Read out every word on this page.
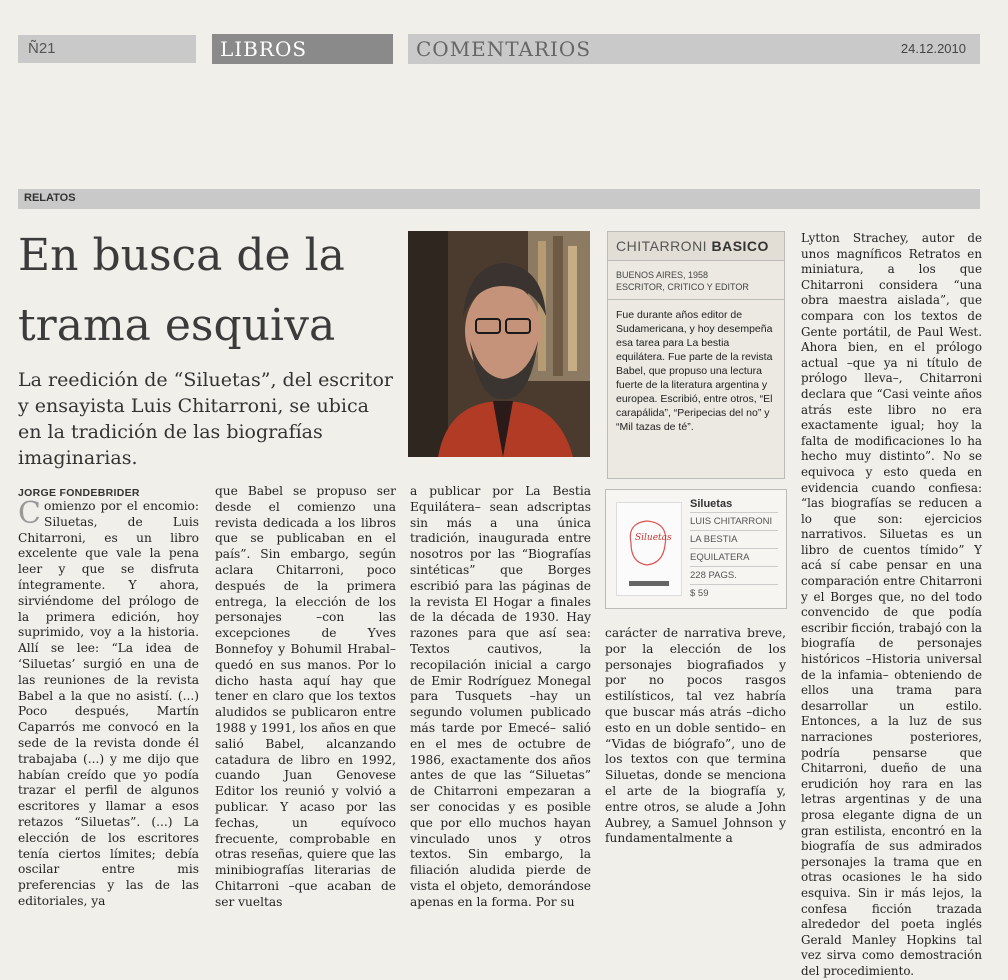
Ñ21	LIBROS	COMENTARIOS	24.12.2010
RELATOS
En busca de la
trama esquiva
La reedición de “Siluetas”, del escritor y ensayista Luis Chitarroni, se ubica en la tradición de las biografías imaginarias.
CHITARRONI BASICO
BUENOS AIRES, 1958
ESCRITOR, CRITICO Y EDITOR
Fue durante años editor de Sudamericana, y hoy desempeña esa tarea para La bestia equilátera. Fue parte de la revista Babel, que propuso una lectura fuerte de la literatura argentina y europea. Escribió, entre otros, “El carapálida”, “Peripecias del no” y “Mil tazas de té”.
JORGE FONDEBRIDER
Comienzo por el encomio: Siluetas, de Luis Chitarroni, es un libro excelente que vale la pena leer y que se disfruta íntegramente. Y ahora, sirviéndome del prólogo de la primera edición, hoy suprimido, voy a la historia. Allí se lee: “La idea de ‘Siluetas’ surgió en una de las reuniones de la revista Babel a la que no asistí. (...) Poco después, Martín Caparrós me convocó en la sede de la revista donde él trabajaba (...) y me dijo que habían creído que yo podía trazar el perfil de algunos escritores y llamar a esos retazos “Siluetas”. (...) La elección de los escritores tenía ciertos límites; debía oscilar entre mis preferencias y las de las editoriales, ya
que Babel se propuso ser desde el comienzo una revista dedicada a los libros que se publicaban en el país”. Sin embargo, según aclara Chitarroni, poco después de la primera entrega, la elección de los personajes –con las excepciones de Yves Bonnefoy y Bohumil Hrabal– quedó en sus manos. Por lo dicho hasta aquí hay que tener en claro que los textos aludidos se publicaron entre 1988 y 1991, los años en que salió Babel, alcanzando catadura de libro en 1992, cuando Juan Genovese Editor los reunió y volvió a publicar. Y acaso por las fechas, un equívoco frecuente, comprobable en otras reseñas, quiere que las minibiografías literarias de Chitarroni –que acaban de ser vueltas
a publicar por La Bestia Equilátera– sean adscriptas sin más a una única tradición, inaugurada entre nosotros por las “Biografías sintéticas” que Borges escribió para las páginas de la revista El Hogar a finales de la década de 1930. Hay razones para que así sea: Textos cautivos, la recopilación inicial a cargo de Emir Rodríguez Monegal para Tusquets –hay un segundo volumen publicado más tarde por Emecé– salió en el mes de octubre de 1986, exactamente dos años antes de que las “Siluetas” de Chitarroni empezaran a ser conocidas y es posible que por ello muchos hayan vinculado unos y otros textos. Sin embargo, la filiación aludida pierde de vista el objeto, demorándose apenas en la forma. Por su
Siluetas
Siluetas
LUIS CHITARRONI
LA BESTIA
EQUILATERA
228 PAGS.
$ 59
carácter de narrativa breve, por la elección de los personajes biografiados y por no pocos rasgos estilísticos, tal vez habría que buscar más atrás –dicho esto en un doble sentido– en “Vidas de biógrafo”, uno de los textos con que termina Siluetas, donde se menciona el arte de la biografía y, entre otros, se alude a John Aubrey, a Samuel Johnson y fundamentalmente a
Lytton Strachey, autor de unos magníficos Retratos en miniatura, a los que Chitarroni considera “una obra maestra aislada”, que compara con los textos de Gente portátil, de Paul West. Ahora bien, en el prólogo actual –que ya ni título de prólogo lleva–, Chitarroni declara que “Casi veinte años atrás este libro no era exactamente igual; hoy la falta de modificaciones lo ha hecho muy distinto”. No se equivoca y esto queda en evidencia cuando confiesa: “las biografías se reducen a lo que son: ejercicios narrativos. Siluetas es un libro de cuentos tímido” Y acá sí cabe pensar en una comparación entre Chitarroni y el Borges que, no del todo convencido de que podía escribir ficción, trabajó con la biografía de personajes históricos –Historia universal de la infamia– obteniendo de ellos una trama para desarrollar un estilo. Entonces, a la luz de sus narraciones posteriores, podría pensarse que Chitarroni, dueño de una erudición hoy rara en las letras argentinas y de una prosa elegante digna de un gran estilista, encontró en la biografía de sus admirados personajes la trama que en otras ocasiones le ha sido esquiva. Sin ir más lejos, la confesa ficción trazada alrededor del poeta inglés Gerald Manley Hopkins tal vez sirva como demostración del procedimiento.
